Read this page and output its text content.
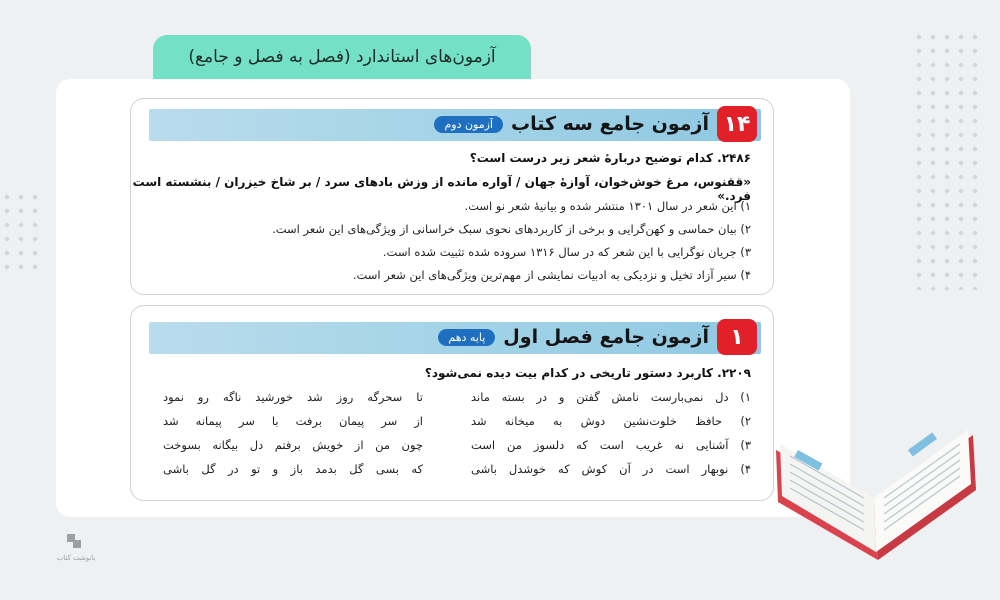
آزمون‌های استاندارد (فصل به فصل و جامع)
۱۴
آزمون جامع سه کتاب
آزمون دوم
۲۴۸۶. کدام توضیح دربارهٔ شعر زیر درست است؟
«ققنوس، مرغ خوش‌خوان، آوازهٔ جهان / آواره مانده از وزش بادهای سرد / بر شاخ خیزران / بنشسته است فرد.»
۱) این شعر در سال ۱۳۰۱ منتشر شده و بیانیهٔ شعر نو است.
۲) بیان حماسی و کهن‌گرایی و برخی از کاربردهای نحوی سبک خراسانی از ویژگی‌های این شعر است.
۳) جریان نوگرایی با این شعر که در سال ۱۳۱۶ سروده شده تثبیت شده است.
۴) سیر آزاد تخیل و نزدیکی به ادبیات نمایشی از مهم‌ترین ویژگی‌های این شعر است.
۱
آزمون جامع فصل اول
پایه دهم
۲۲۰۹. کاربرد دستور تاریخی در کدام بیت دیده نمی‌شود؟
۱) دل نمی‌بارست نامش گفتن و در بسته ماند
تا سحرگه روز شد خورشید ناگه رو نمود
۲) حافظ خلوت‌نشین دوش به میخانه شد
از سر پیمان برفت با سر پیمانه شد
۳) آشنایی نه غریب است که دلسوز من است
چون من از خویش برفتم دل بیگانه بسوخت
۴) نوبهار است در آن کوش که خوشدل باشی
که بسی گل بدمد باز و تو در گل باشی
بانوشت کتاب
